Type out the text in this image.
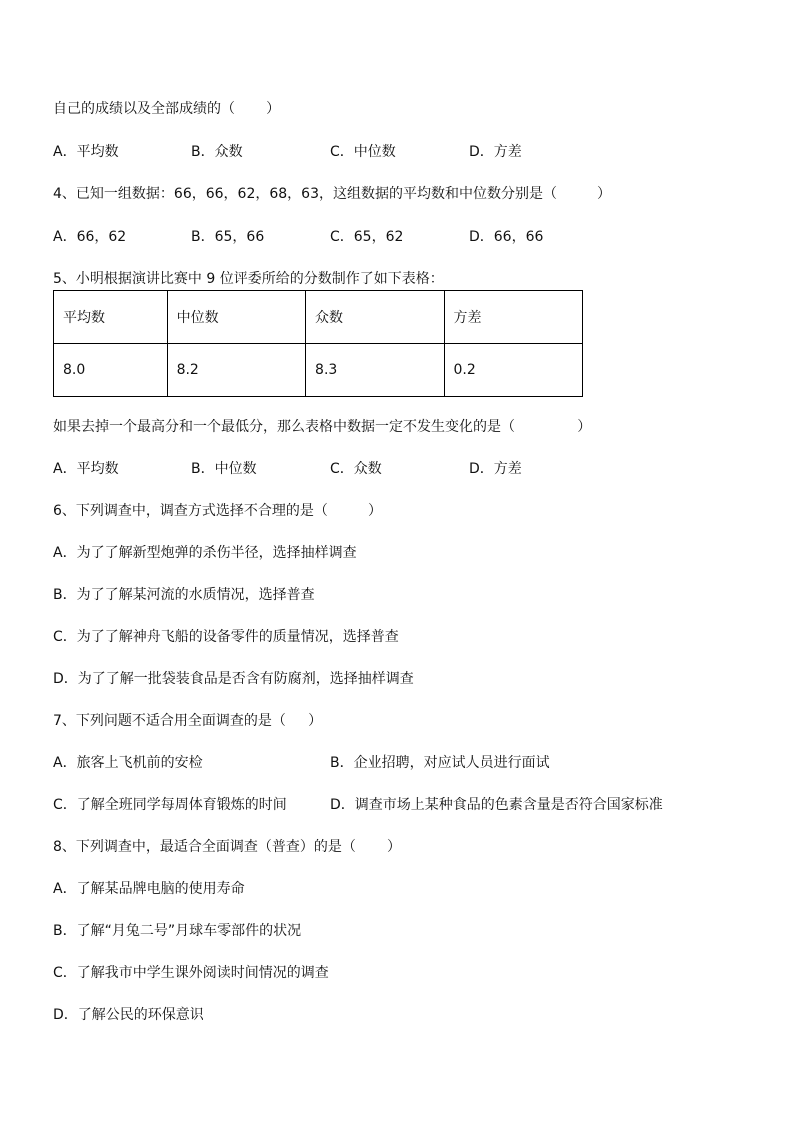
自己的成绩以及全部成绩的（       ）
A．平均数	B．众数	C．中位数	D．方差
4、已知一组数据：66，66，62，68，63，这组数据的平均数和中位数分别是（         ）
A．66，62	B．65，66	C．65，62	D．66，66
5、小明根据演讲比赛中 9 位评委所给的分数制作了如下表格：
平均数	中位数	众数	方差
8.0	8.2	8.3	0.2
如果去掉一个最高分和一个最低分，那么表格中数据一定不发生变化的是（              ）
A．平均数	B．中位数	C．众数	D．方差
6、下列调查中，调查方式选择不合理的是（         ）
A．为了了解新型炮弹的杀伤半径，选择抽样调查
B．为了了解某河流的水质情况，选择普查
C．为了了解神舟飞船的设备零件的质量情况，选择普查
D．为了了解一批袋装食品是否含有防腐剂，选择抽样调查
7、下列问题不适合用全面调查的是（     ）
A．旅客上飞机前的安检	B．企业招聘，对应试人员进行面试
C．了解全班同学每周体育锻炼的时间	D．调查市场上某种食品的色素含量是否符合国家标准
8、下列调查中，最适合全面调查（普查）的是（       ）
A．了解某品牌电脑的使用寿命
B．了解“月兔二号”月球车零部件的状况
C．了解我市中学生课外阅读时间情况的调查
D．了解公民的环保意识
